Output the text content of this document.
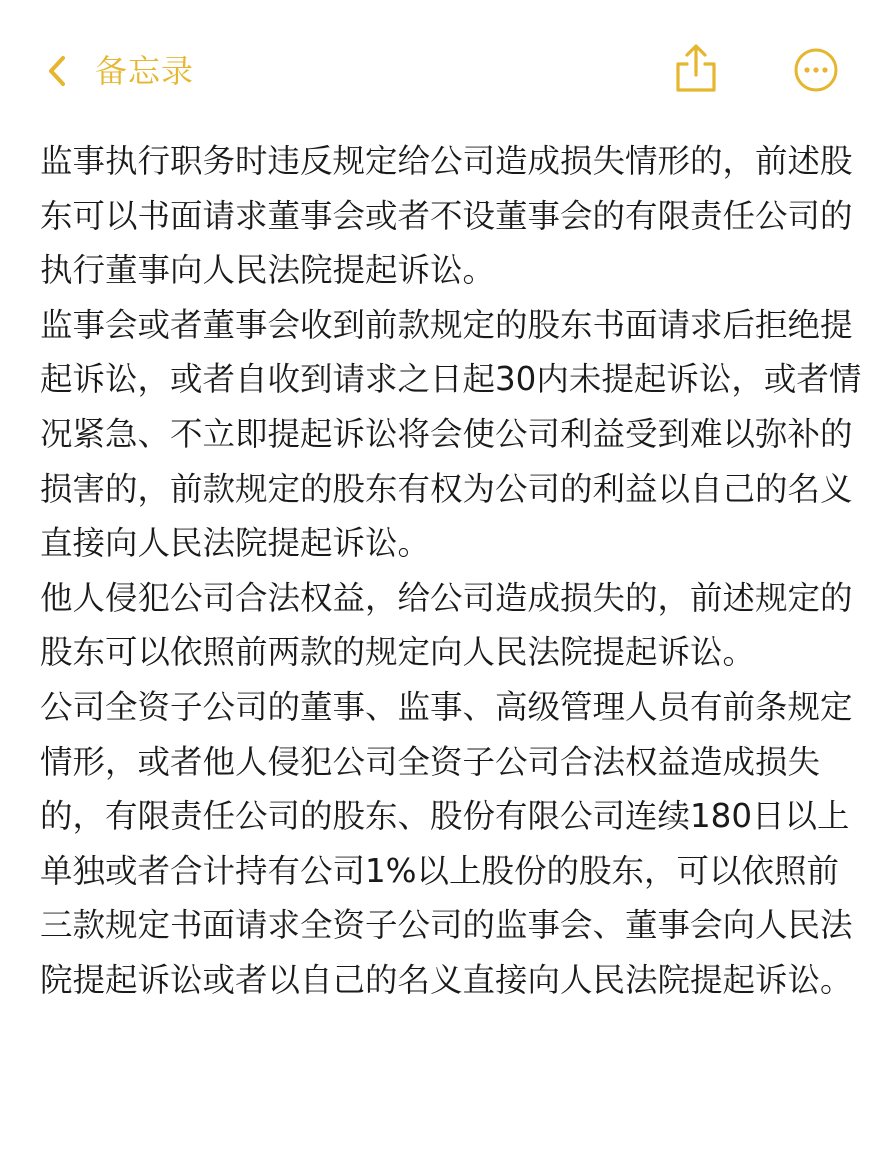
备忘录

监事执行职务时违反规定给公司造成损失情形的，前述股

东可以书面请求董事会或者不设董事会的有限责任公司的

执行董事向人民法院提起诉讼。

监事会或者董事会收到前款规定的股东书面请求后拒绝提

起诉讼，或者自收到请求之日起30内未提起诉讼，或者情

况紧急、不立即提起诉讼将会使公司利益受到难以弥补的

损害的，前款规定的股东有权为公司的利益以自己的名义

直接向人民法院提起诉讼。

他人侵犯公司合法权益，给公司造成损失的，前述规定的

股东可以依照前两款的规定向人民法院提起诉讼。

公司全资子公司的董事、监事、高级管理人员有前条规定

情形，或者他人侵犯公司全资子公司合法权益造成损失

的，有限责任公司的股东、股份有限公司连续180日以上

单独或者合计持有公司1%以上股份的股东，可以依照前

三款规定书面请求全资子公司的监事会、董事会向人民法

院提起诉讼或者以自己的名义直接向人民法院提起诉讼。
